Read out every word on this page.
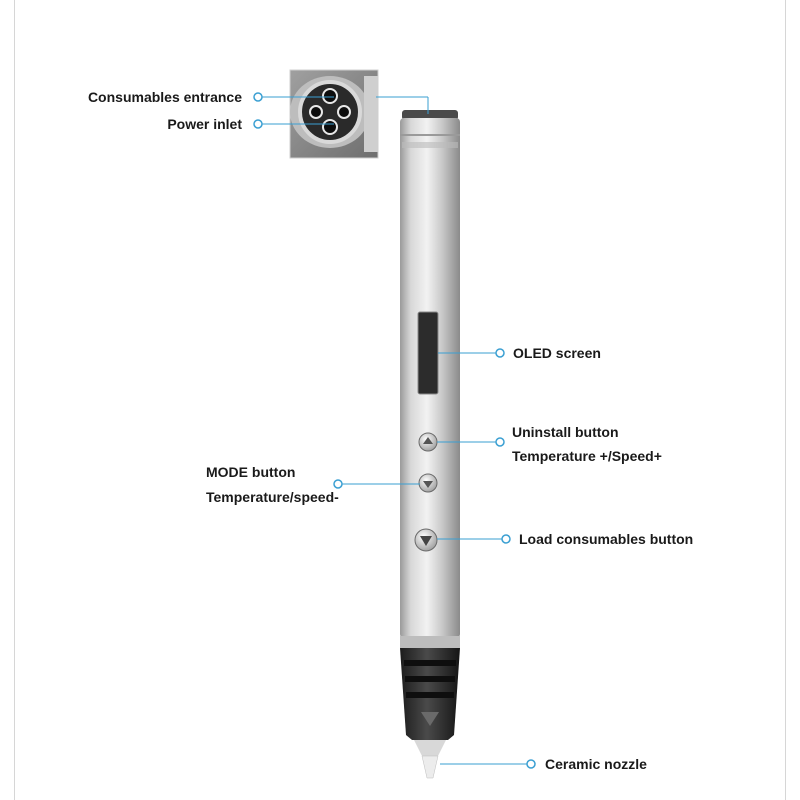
Consumables entrance
Power inlet
OLED screen
Uninstall button
Temperature +/Speed+
MODE button
Temperature/speed-
Load consumables button
Ceramic nozzle
